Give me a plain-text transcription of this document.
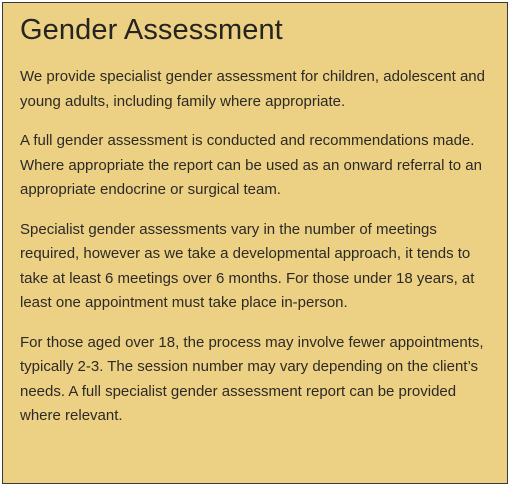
Gender Assessment

We provide specialist gender assessment for children, adolescent and young adults, including family where appropriate.

A full gender assessment is conducted and recommendations made. Where appropriate the report can be used as an onward referral to an appropriate endocrine or surgical team.

Specialist gender assessments vary in the number of meetings required, however as we take a developmental approach, it tends to take at least 6 meetings over 6 months. For those under 18 years, at least one appointment must take place in-person.

For those aged over 18, the process may involve fewer appointments, typically 2-3. The session number may vary depending on the client’s needs. A full specialist gender assessment report can be provided where relevant.
